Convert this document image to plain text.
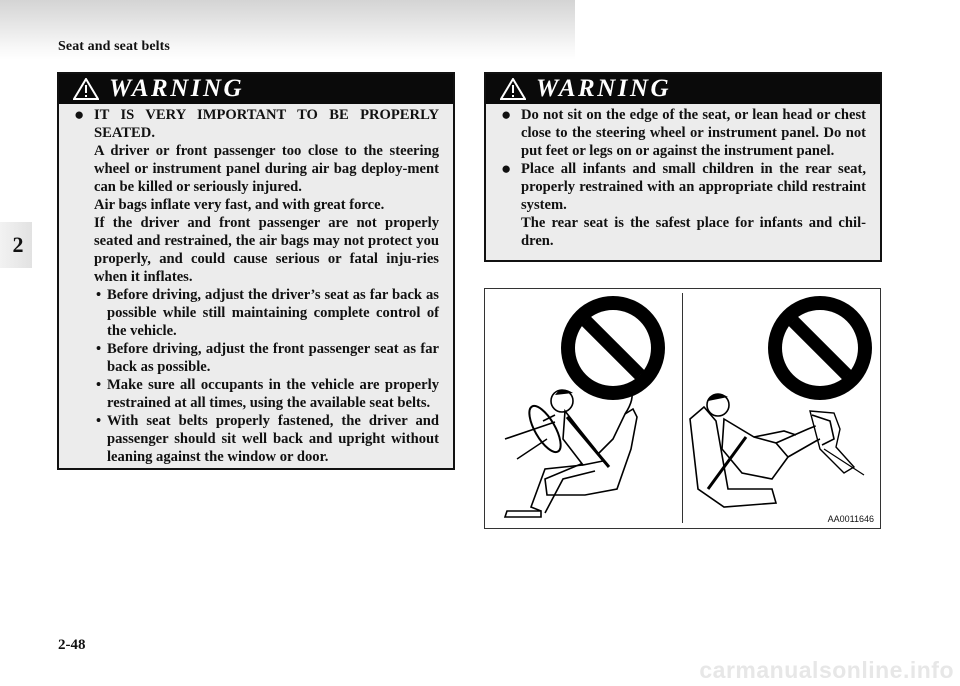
Seat and seat belts
2
WARNING
● IT IS VERY IMPORTANT TO BE PROPERLY SEATED.

A driver or front passenger too close to the steering wheel or instrument panel during air bag deploy-ment can be killed or seriously injured.

Air bags inflate very fast, and with great force.

If the driver and front passenger are not properly seated and restrained, the air bags may not protect you properly, and could cause serious or fatal inju-ries when it inflates.

• Before driving, adjust the driver’s seat as far back as possible while still maintaining complete control of the vehicle.
• Before driving, adjust the front passenger seat as far back as possible.
• Make sure all occupants in the vehicle are properly restrained at all times, using the available seat belts.
• With seat belts properly fastened, the driver and passenger should sit well back and upright without leaning against the window or door.
WARNING
● Do not sit on the edge of the seat, or lean head or chest close to the steering wheel or instrument panel. Do not put feet or legs on or against the instrument panel.

● Place all infants and small children in the rear seat, properly restrained with an appropriate child restraint system.

The rear seat is the safest place for infants and chil-dren.

AA0011646
2-48
carmanualsonline.info
